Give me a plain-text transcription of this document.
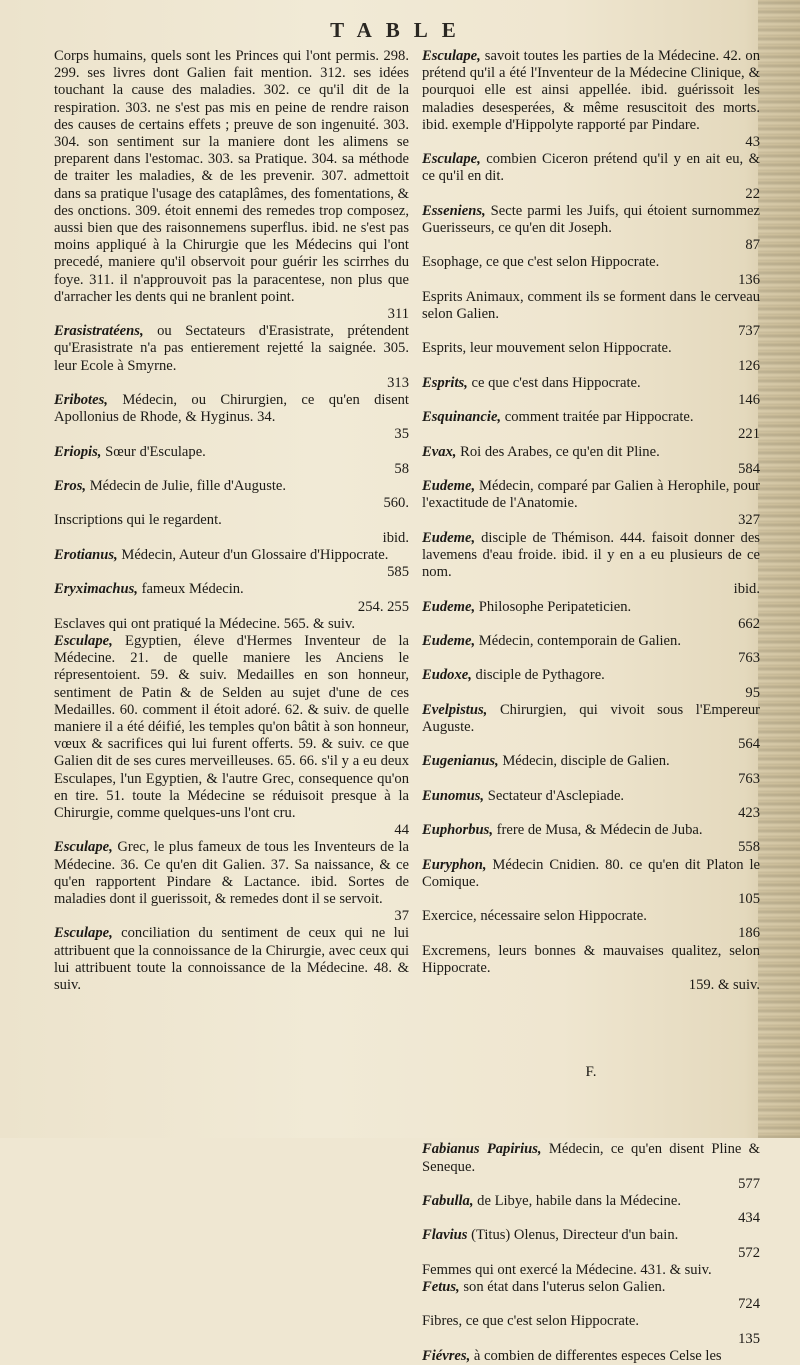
TABLE
Corps humains, quels sont les Princes qui l'ont permis. 298. 299. ses livres dont Galien fait mention. 312. ses idées touchant la cause des maladies. 302. ce qu'il dit de la respiration. 303. ne s'est pas mis en peine de rendre raison des causes de certains effets ; preuve de son ingenuité. 303. 304. son sentiment sur la maniere dont les alimens se preparent dans l'estomac. 303. sa Pratique. 304. sa méthode de traiter les maladies, & de les prevenir. 307. admettoit dans sa pratique l'usage des cataplâmes, des fomentations, & des onctions. 309. étoit ennemi des remedes trop composez, aussi bien que des raisonnemens superflus. ibid. ne s'est pas moins appliqué à la Chirurgie que les Médecins qui l'ont precedé, maniere qu'il observoit pour guérir les scirrhes du foye. 311. il n'approuvoit pas la paracentese, non plus que d'arracher les dents qui ne branlent point.
311
Erasistratéens, ou Sectateurs d'Erasistrate, prétendent qu'Erasistrate n'a pas entierement rejetté la saignée. 305. leur Ecole à Smyrne.
313
Eribotes, Médecin, ou Chirurgien, ce qu'en disent Apollonius de Rhode, & Hyginus. 34.
35
Eriopis, Sœur d'Esculape.
58
Eros, Médecin de Julie, fille d'Auguste.
560.
Inscriptions qui le regardent.
ibid.
Erotianus, Médecin, Auteur d'un Glossaire d'Hippocrate.
585
Eryximachus, fameux Médecin.
254. 255
Esclaves qui ont pratiqué la Médecine. 565. & suiv.
Esculape, Egyptien, éleve d'Hermes Inventeur de la Médecine. 21. de quelle maniere les Anciens le répresentoient. 59. & suiv. Medailles en son honneur, sentiment de Patin & de Selden au sujet d'une de ces Medailles. 60. comment il étoit adoré. 62. & suiv. de quelle maniere il a été déifié, les temples qu'on bâtit à son honneur, vœux & sacrifices qui lui furent offerts. 59. & suiv. ce que Galien dit de ses cures merveilleuses. 65. 66. s'il y a eu deux Esculapes, l'un Egyptien, & l'autre Grec, consequence qu'on en tire. 51. toute la Médecine se réduisoit presque à la Chirurgie, comme quelques-uns l'ont cru.
44
Esculape, Grec, le plus fameux de tous les Inventeurs de la Médecine. 36. Ce qu'en dit Galien. 37. Sa naissance, & ce qu'en rapportent Pindare & Lactance. ibid. Sortes de maladies dont il guerissoit, & remedes dont il se servoit.
37
Esculape, conciliation du sentiment de ceux qui ne lui attribuent que la connoissance de la Chirurgie, avec ceux qui lui attribuent toute la connoissance de la Médecine. 48. & suiv.
Esculape, savoit toutes les parties de la Médecine. 42. on prétend qu'il a été l'Inventeur de la Médecine Clinique, & pourquoi elle est ainsi appellée. ibid. guérissoit les maladies desesperées, & même resuscitoit des morts. ibid. exemple d'Hippolyte rapporté par Pindare.
43
Esculape, combien Ciceron prétend qu'il y en ait eu, & ce qu'il en dit.
22
Esseniens, Secte parmi les Juifs, qui étoient surnommez Guerisseurs, ce qu'en dit Joseph.
87
Esophage, ce que c'est selon Hippocrate.
136
Esprits Animaux, comment ils se forment dans le cerveau selon Galien.
737
Esprits, leur mouvement selon Hippocrate.
126
Esprits, ce que c'est dans Hippocrate.
146
Esquinancie, comment traitée par Hippocrate.
221
Evax, Roi des Arabes, ce qu'en dit Pline.
584
Eudeme, Médecin, comparé par Galien à Herophile, pour l'exactitude de l'Anatomie.
327
Eudeme, disciple de Thémison. 444. faisoit donner des lavemens d'eau froide. ibid. il y en a eu plusieurs de ce nom.
ibid.
Eudeme, Philosophe Peripateticien.
662
Eudeme, Médecin, contemporain de Galien.
763
Eudoxe, disciple de Pythagore.
95
Evelpistus, Chirurgien, qui vivoit sous l'Empereur Auguste.
564
Eugenianus, Médecin, disciple de Galien.
763
Eunomus, Sectateur d'Asclepiade.
423
Euphorbus, frere de Musa, & Médecin de Juba.
558
Euryphon, Médecin Cnidien. 80. ce qu'en dit Platon le Comique.
105
Exercice, néce​ssaire selon Hippocrate.
186
Excremens, leurs bonnes & mauvaises qualitez, selon Hippocrate.
159. & suiv.
F.
Fabianus Papirius, Médecin, ce qu'en disent Pline & Seneque.
577
Fabulla, de Libye, habile dans la Médecine.
434
Flavius (Titus) Olenus, Directeur d'un bain.
572
Femmes qui ont exercé la Médecine. 431. & suiv.
Fetus, son état dans l'uterus selon Galien.
724
Fibres, ce que c'est selon Hippocrate.
135
Fiévres, à combien de differentes especes Celse les
